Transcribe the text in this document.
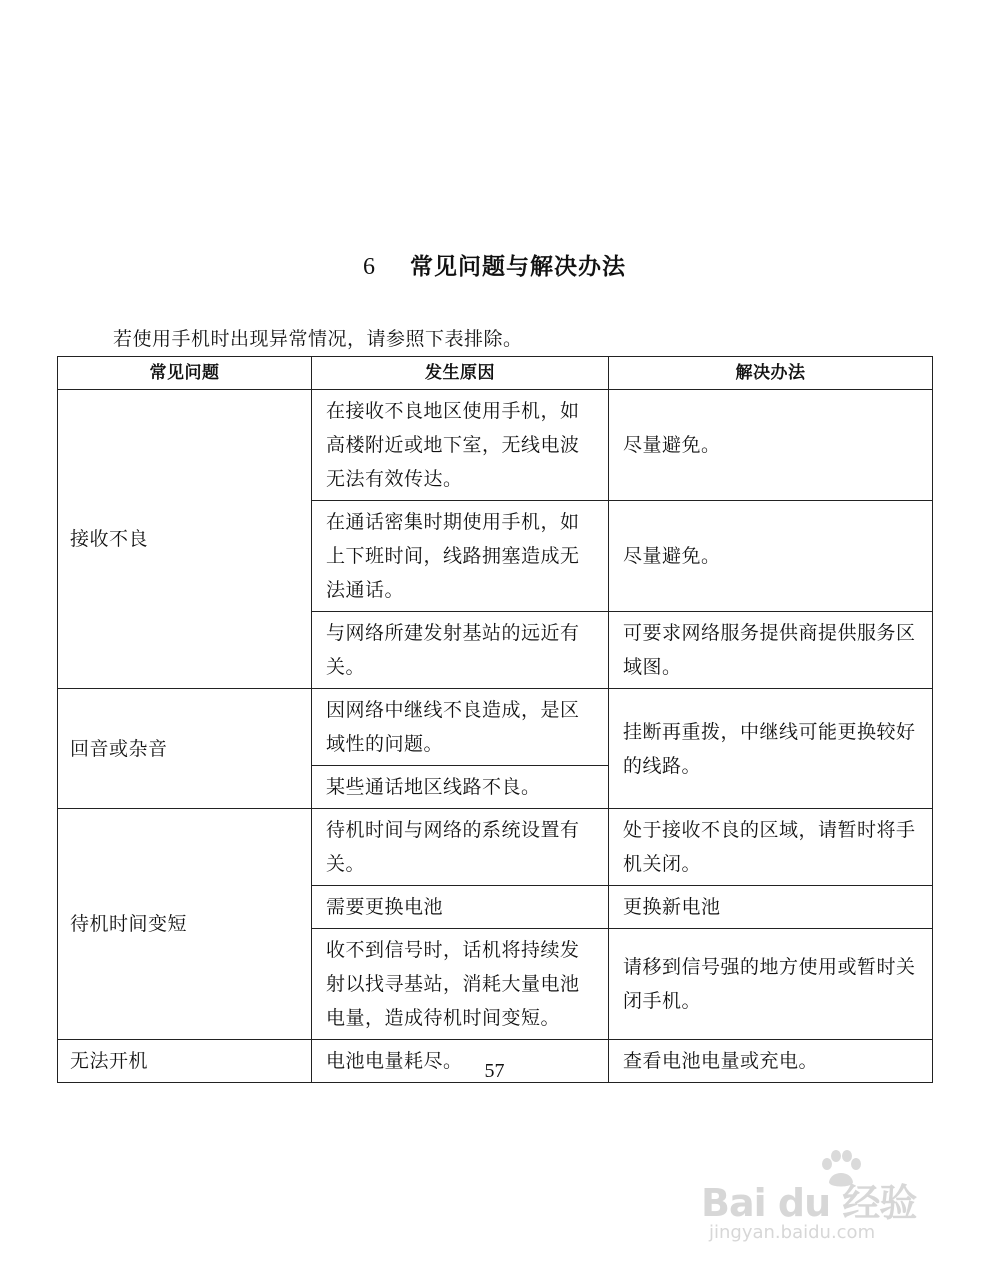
6 常见问题与解决办法
若使用手机时出现异常情况，请参照下表排除。
常见问题	发生原因	解决办法
接收不良	在接收不良地区使用手机，如高楼附近或地下室，无线电波无法有效传达。	尽量避免。
	在通话密集时期使用手机，如上下班时间，线路拥塞造成无法通话。	尽量避免。
	与网络所建发射基站的远近有关。	可要求网络服务提供商提供服务区域图。
回音或杂音	因网络中继线不良造成，是区域性的问题。	挂断再重拨，中继线可能更换较好的线路。
	某些通话地区线路不良。	
待机时间变短	待机时间与网络的系统设置有关。	处于接收不良的区域，请暂时将手机关闭。
	需要更换电池	更换新电池
	收不到信号时，话机将持续发射以找寻基站，消耗大量电池电量，造成待机时间变短。	请移到信号强的地方使用或暂时关闭手机。
无法开机	电池电量耗尽。	查看电池电量或充电。
57
Bai du 经验
jingyan.baidu.com
